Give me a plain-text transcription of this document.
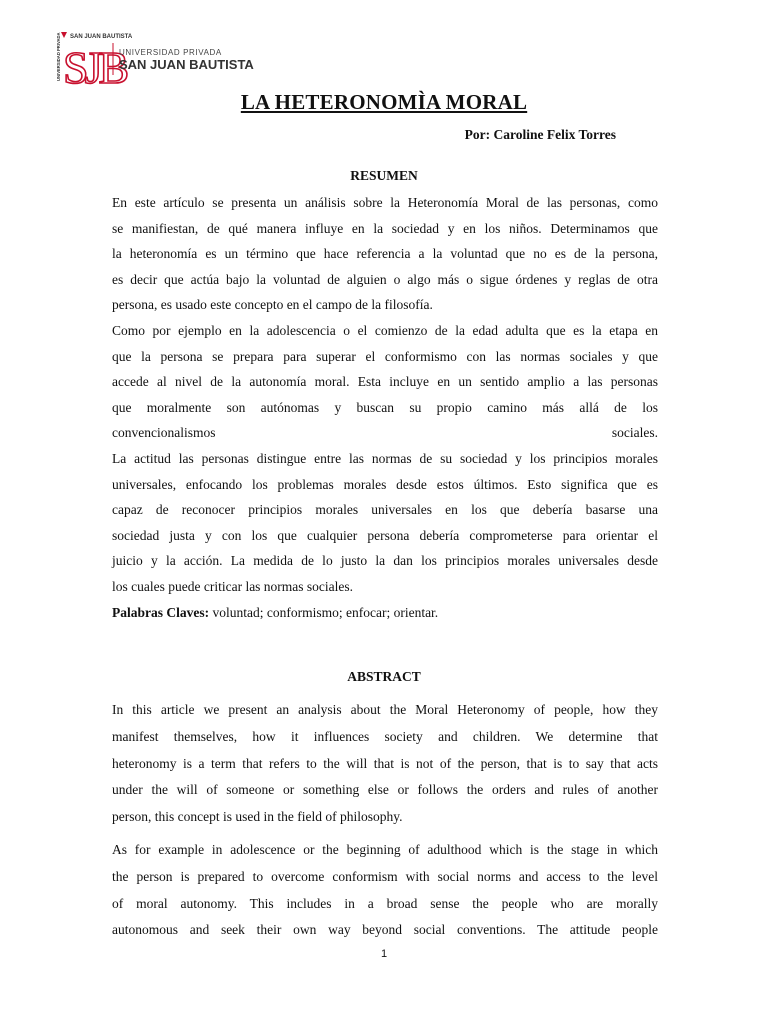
SAN JUAN BAUTISTA
UNIVERSIDAD PRIVADA SJB
UNIVERSIDAD PRIVADA
SAN JUAN BAUTISTA
LA HETERONOMÌA MORAL
Por: Caroline Felix Torres
RESUMEN
En este artículo se presenta un análisis sobre la Heteronomía Moral de las personas, como
se manifiestan, de qué manera influye en la sociedad y en los niños. Determinamos que
la heteronomía es un término que hace referencia a la voluntad que no es de la persona,
es decir que actúa bajo la voluntad de alguien o algo más o sigue órdenes y reglas de otra
persona, es usado este concepto en el campo de la filosofía.
Como por ejemplo en la adolescencia o el comienzo de la edad adulta que es la etapa en
que la persona se prepara para superar el conformismo con las normas sociales y que
accede al nivel de la autonomía moral. Esta incluye en un sentido amplio a las personas
que moralmente son autónomas y buscan su propio camino más allá de los
convencionalismos sociales.
La actitud las personas distingue entre las normas de su sociedad y los principios morales
universales, enfocando los problemas morales desde estos últimos. Esto significa que es
capaz de reconocer principios morales universales en los que debería basarse una
sociedad justa y con los que cualquier persona debería comprometerse para orientar el
juicio y la acción. La medida de lo justo la dan los principios morales universales desde
los cuales puede criticar las normas sociales.
Palabras Claves: voluntad; conformismo; enfocar; orientar.
ABSTRACT
In this article we present an analysis about the Moral Heteronomy of people, how they
manifest themselves, how it influences society and children. We determine that
heteronomy is a term that refers to the will that is not of the person, that is to say that acts
under the will of someone or something else or follows the orders and rules of another
person, this concept is used in the field of philosophy.
As for example in adolescence or the beginning of adulthood which is the stage in which
the person is prepared to overcome conformism with social norms and access to the level
of moral autonomy. This includes in a broad sense the people who are morally
autonomous and seek their own way beyond social conventions. The attitude people
1
